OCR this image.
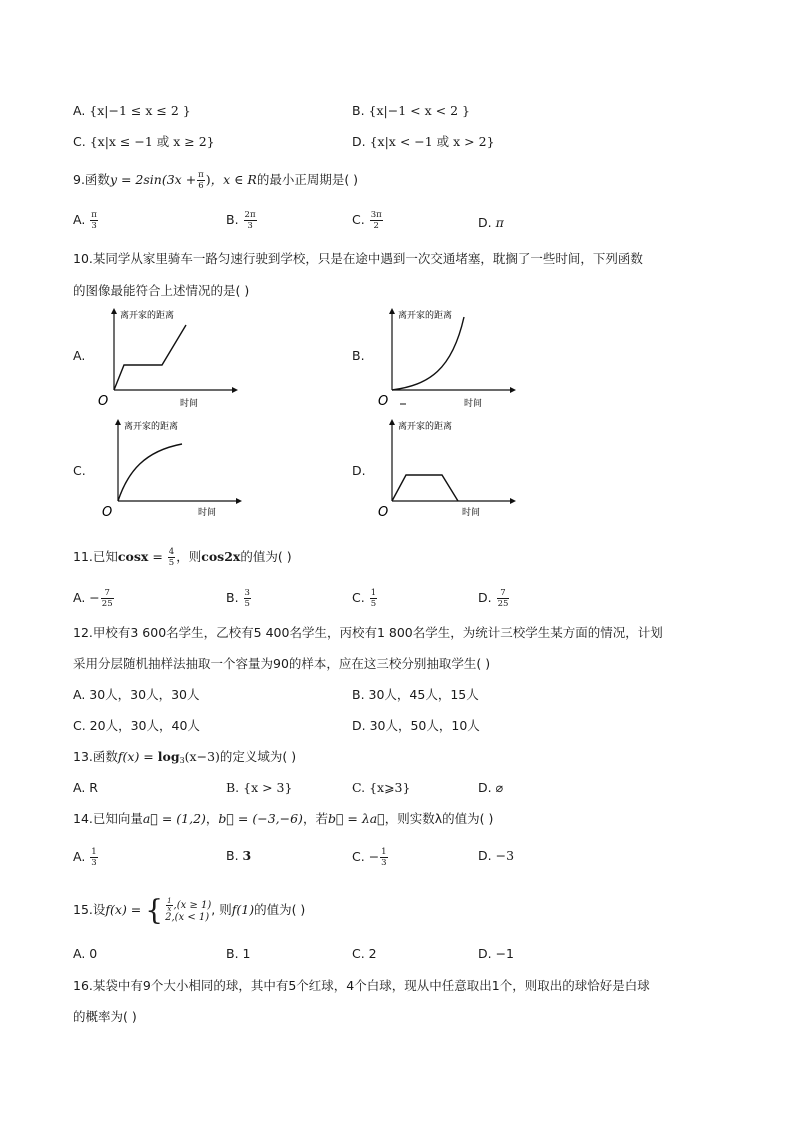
A. {x|−1 ≤ x ≤ 2 }	B. {x|−1 < x < 2 }
C. {x|x ≤ −1 或 x ≥ 2}	D. {x|x < −1 或 x > 2}
9.函数$y = 2\sin(3x + \frac{\pi}{6}$ )，x ∈ R的最小正周期是( )
A. $\frac{\pi}{3}$	B. $\frac{2\pi}{3}$	C. $\frac{3\pi}{2}$	D. π
10.某同学从家里骑车一路匀速行驶到学校，只是在途中遇到一次交通堵塞，耽搁了一些时间，下列函数
的图像最能符合上述情况的是( )
A.
离开家的距离
时间
O
B.
离开家的距离
时间
O
C.
离开家的距离
时间
O
D.
离开家的距离
时间
O
11.已知$\cos x = \frac{4}{5}$ ，则cos2x的值为( )
A. − $\frac{7}{25}$	B. $\frac{3}{5}$	C. $\frac{1}{5}$	D. $\frac{7}{25}$
12.甲校有3 600名学生，乙校有5 400名学生，丙校有1 800名学生，为统计三校学生某方面的情况，计划
采用分层随机抽样法抽取一个容量为90的样本，应在这三校分别抽取学生( )
A. 30人，30人，30人	B. 30人，45人，15人
C. 20人，30人，40人	D. 30人，50人，10人
13.函数$f(x) = \log_3(x-3)$的定义域为( )
A. R	B. {x > 3}	C. {x⩾3}	D. ⌀
14.已知向量a⃗ = (1,2)，b⃗ = (−3,−6)，若b⃗ = λa⃗，则实数λ的值为( )
A. $\frac{1}{3}$	B. 3	C. − $\frac{1}{3}$	D. −3
15.设f(x) = { $\frac{1}{x} ,(x \ge 1)$
2,(x < 1)
, 则f(1)的值为( )
A. 0	B. 1	C. 2	D. −1
16.某袋中有9个大小相同的球，其中有5个红球，4个白球，现从中任意取出1个，则取出的球恰好是白球
的概率为( )
